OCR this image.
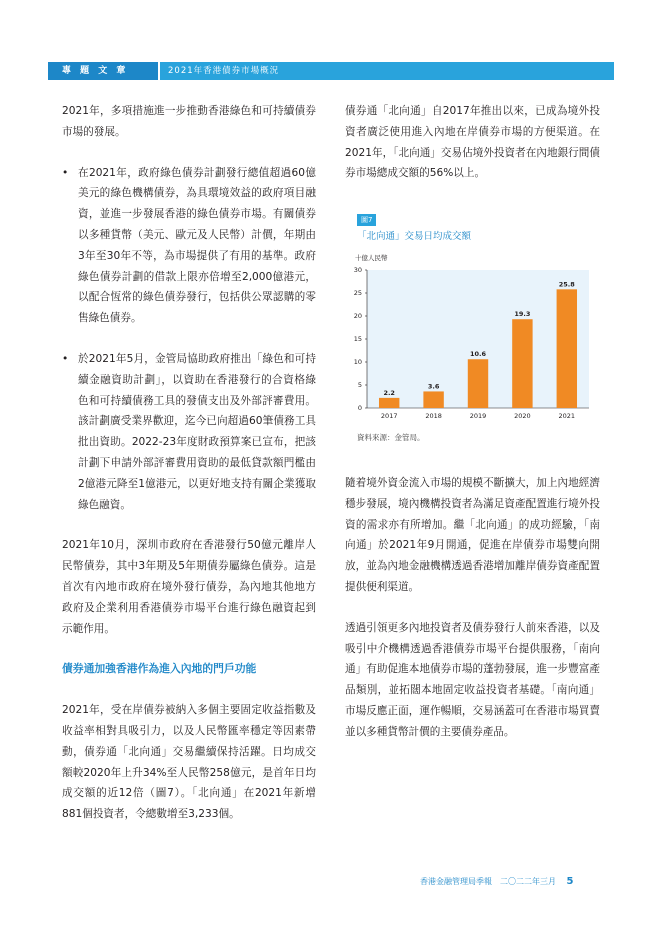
專 題 文 章	2021年香港債券市場概況

2021年，多項措施進一步推動香港綠色和可持續債券市場的發展。

• 在2021年，政府綠色債券計劃發行總值超過60億美元的綠色機構債券，為具環境效益的政府項目融資，並進一步發展香港的綠色債券市場。有關債券以多種貨幣（美元、歐元及人民幣）計價，年期由3年至30年不等，為市場提供了有用的基準。政府綠色債券計劃的借款上限亦倍增至2,000億港元，以配合恆常的綠色債券發行，包括供公眾認購的零售綠色債券。

• 於2021年5月，金管局協助政府推出「綠色和可持續金融資助計劃」，以資助在香港發行的合資格綠色和可持續債務工具的發債支出及外部評審費用。該計劃廣受業界歡迎，迄今已向超過60筆債務工具批出資助。2022-23年度財政預算案已宣布，把該計劃下申請外部評審費用資助的最低貸款額門檻由2億港元降至1億港元，以更好地支持有關企業獲取綠色融資。

2021年10月，深圳市政府在香港發行50億元離岸人民幣債券，其中3年期及5年期債券屬綠色債券。這是首次有內地市政府在境外發行債券，為內地其他地方政府及企業利用香港債券市場平台進行綠色融資起到示範作用。

債券通加強香港作為進入內地的門戶功能

2021年，受在岸債券被納入多個主要固定收益指數及收益率相對具吸引力，以及人民幣匯率穩定等因素帶動，債券通「北向通」交易繼續保持活躍。日均成交額較2020年上升34%至人民幣258億元，是首年日均成交額的近12倍（圖7）。「北向通」在2021年新增881個投資者，令總數增至3,233個。

債券通「北向通」自2017年推出以來，已成為境外投資者廣泛使用進入內地在岸債券市場的方便渠道。在2021年，「北向通」交易佔境外投資者在內地銀行間債券市場總成交額的56%以上。

圖7
「北向通」交易日均成交額
十億人民幣
0
5
10
15
20
25
30
2.2
2017
3.6
2018
10.6
2019
19.3
2020
25.8
2021
資料來源：金管局。

隨着境外資金流入市場的規模不斷擴大，加上內地經濟穩步發展，境內機構投資者為滿足資產配置進行境外投資的需求亦有所增加。繼「北向通」的成功經驗，「南向通」於2021年9月開通，促進在岸債券市場雙向開放，並為內地金融機構透過香港增加離岸債券資產配置提供便利渠道。

透過引領更多內地投資者及債券發行人前來香港，以及吸引中介機構透過香港債券市場平台提供服務，「南向通」有助促進本地債券市場的蓬勃發展，進一步豐富產品類別，並拓闊本地固定收益投資者基礎。「南向通」市場反應正面，運作暢順，交易涵蓋可在香港市場買賣並以多種貨幣計價的主要債券產品。

香港金融管理局季報　二〇二二年三月 5
